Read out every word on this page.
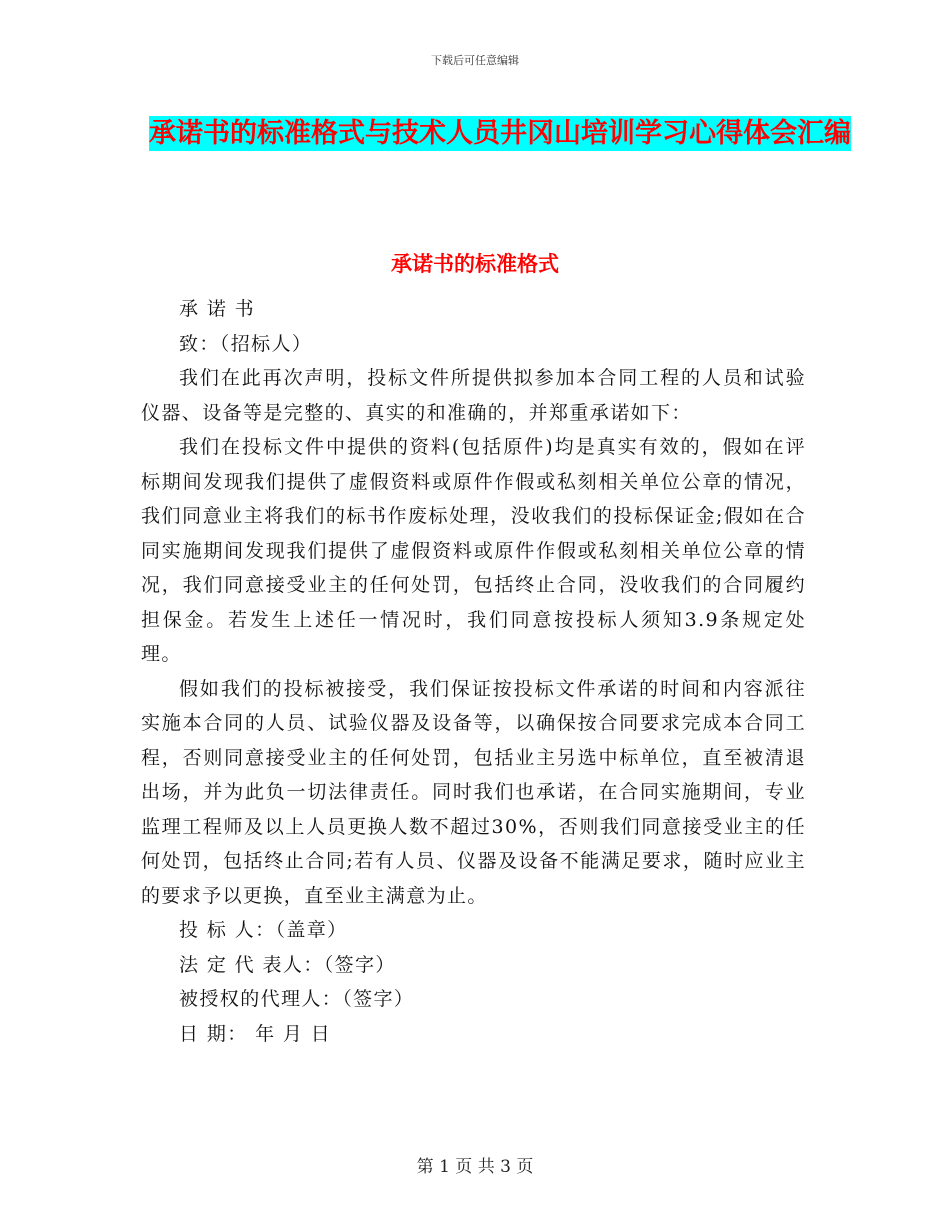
下载后可任意编辑
承诺书的标准格式与技术人员井冈山培训学习心得体会汇编
承诺书的标准格式

承 诺 书

致：（招标人）

我们在此再次声明，投标文件所提供拟参加本合同工程的人员和试验仪器、设备等是完整的、真实的和准确的，并郑重承诺如下：

我们在投标文件中提供的资料(包括原件)均是真实有效的，假如在评标期间发现我们提供了虚假资料或原件作假或私刻相关单位公章的情况，我们同意业主将我们的标书作废标处理，没收我们的投标保证金;假如在合同实施期间发现我们提供了虚假资料或原件作假或私刻相关单位公章的情况，我们同意接受业主的任何处罚，包括终止合同，没收我们的合同履约担保金。若发生上述任一情况时，我们同意按投标人须知3.9条规定处理。

假如我们的投标被接受，我们保证按投标文件承诺的时间和内容派往实施本合同的人员、试验仪器及设备等，以确保按合同要求完成本合同工程，否则同意接受业主的任何处罚，包括业主另选中标单位，直至被清退出场，并为此负一切法律责任。同时我们也承诺，在合同实施期间，专业监理工程师及以上人员更换人数不超过30%，否则我们同意接受业主的任何处罚，包括终止合同;若有人员、仪器及设备不能满足要求，随时应业主的要求予以更换，直至业主满意为止。

投 标 人：（盖章）

法 定 代 表人：（签字）

被授权的代理人：（签字）

日 期： 年 月 日

第 1 页 共 3 页
